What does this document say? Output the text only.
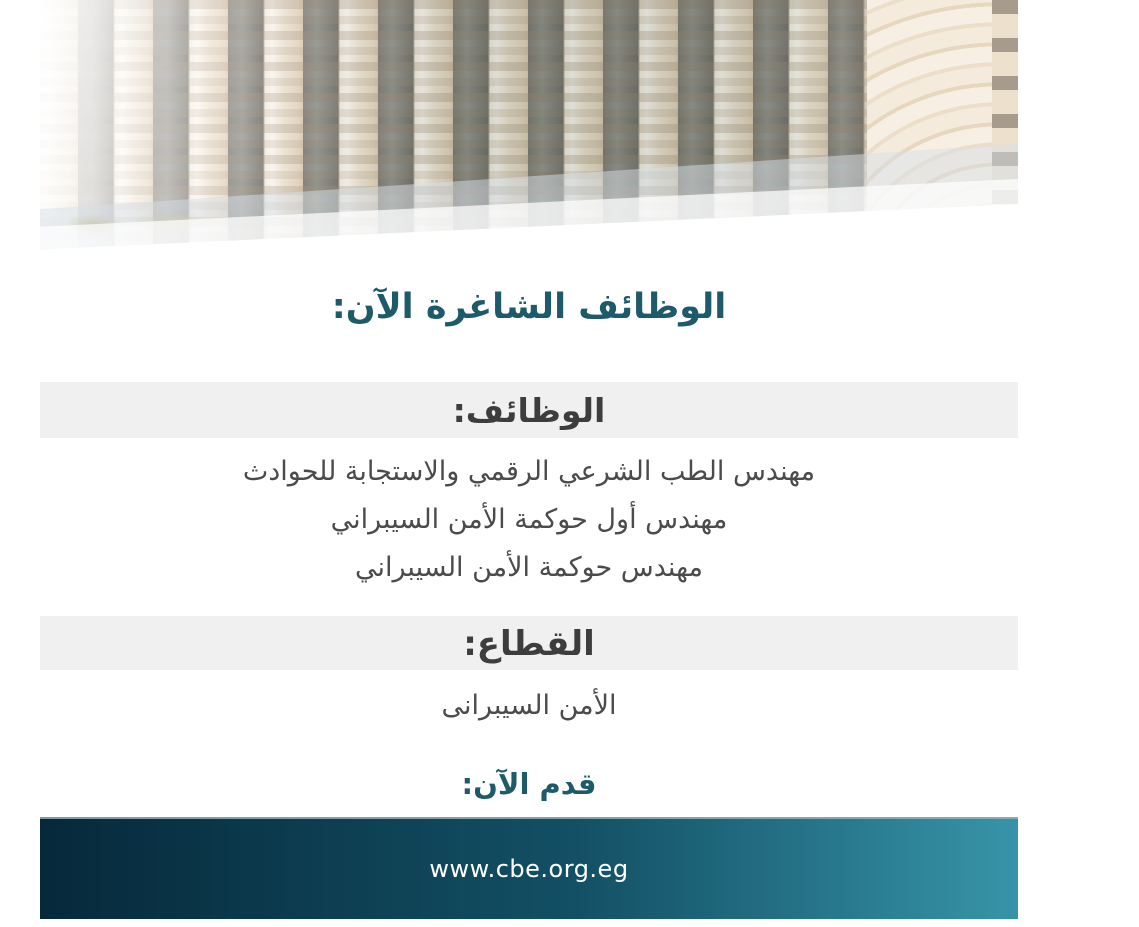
الوظائف الشاغرة الآن:
الوظائف:
مهندس الطب الشرعي الرقمي والاستجابة للحوادث
مهندس أول حوكمة الأمن السيبراني
مهندس حوكمة الأمن السيبراني
القطاع:
الأمن السيبرانى
قدم الآن:
www.cbe.org.eg
